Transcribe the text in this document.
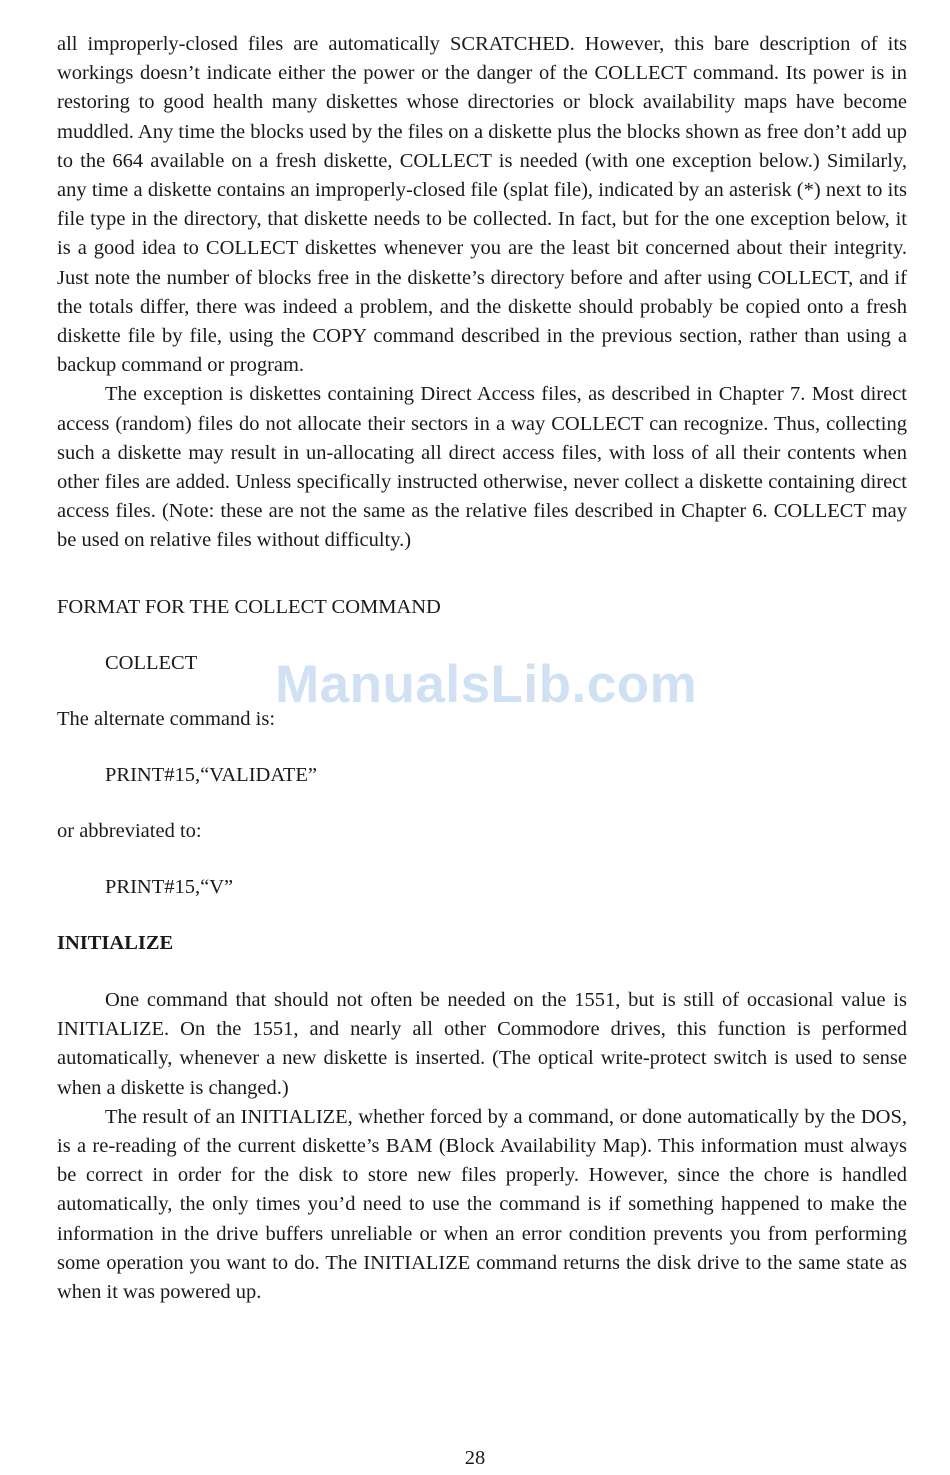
all improperly-closed files are automatically SCRATCHED. However, this bare description of its workings doesn’t indicate either the power or the danger of the COLLECT command. Its power is in restoring to good health many diskettes whose directories or block availability maps have become muddled. Any time the blocks used by the files on a diskette plus the blocks shown as free don’t add up to the 664 available on a fresh diskette, COLLECT is needed (with one exception below.) Similarly, any time a diskette contains an improperly-closed file (splat file), indicated by an asterisk (*) next to its file type in the directory, that diskette needs to be collected. In fact, but for the one exception below, it is a good idea to COLLECT diskettes whenever you are the least bit concerned about their integrity. Just note the number of blocks free in the diskette’s directory before and after using COLLECT, and if the totals differ, there was indeed a problem, and the diskette should probably be copied onto a fresh diskette file by file, using the COPY command described in the previous section, rather than using a backup command or program.

The exception is diskettes containing Direct Access files, as described in Chapter 7. Most direct access (random) files do not allocate their sectors in a way COLLECT can recognize. Thus, collecting such a diskette may result in un-allocating all direct access files, with loss of all their contents when other files are added. Unless specifically instructed otherwise, never collect a diskette containing direct access files. (Note: these are not the same as the relative files described in Chapter 6. COLLECT may be used on relative files without difficulty.)

FORMAT FOR THE COLLECT COMMAND

COLLECT

The alternate command is:

PRINT#15,“VALIDATE”

or abbreviated to:

PRINT#15,“V”

INITIALIZE

One command that should not often be needed on the 1551, but is still of occasional value is INITIALIZE. On the 1551, and nearly all other Commodore drives, this function is performed automatically, whenever a new diskette is inserted. (The optical write-protect switch is used to sense when a diskette is changed.)

The result of an INITIALIZE, whether forced by a command, or done automatically by the DOS, is a re-reading of the current diskette’s BAM (Block Availability Map). This information must always be correct in order for the disk to store new files properly. However, since the chore is handled automatically, the only times you’d need to use the command is if something happened to make the information in the drive buffers unreliable or when an error condition prevents you from performing some operation you want to do. The INITIALIZE command returns the disk drive to the same state as when it was powered up.

ManualsLib.com
28
